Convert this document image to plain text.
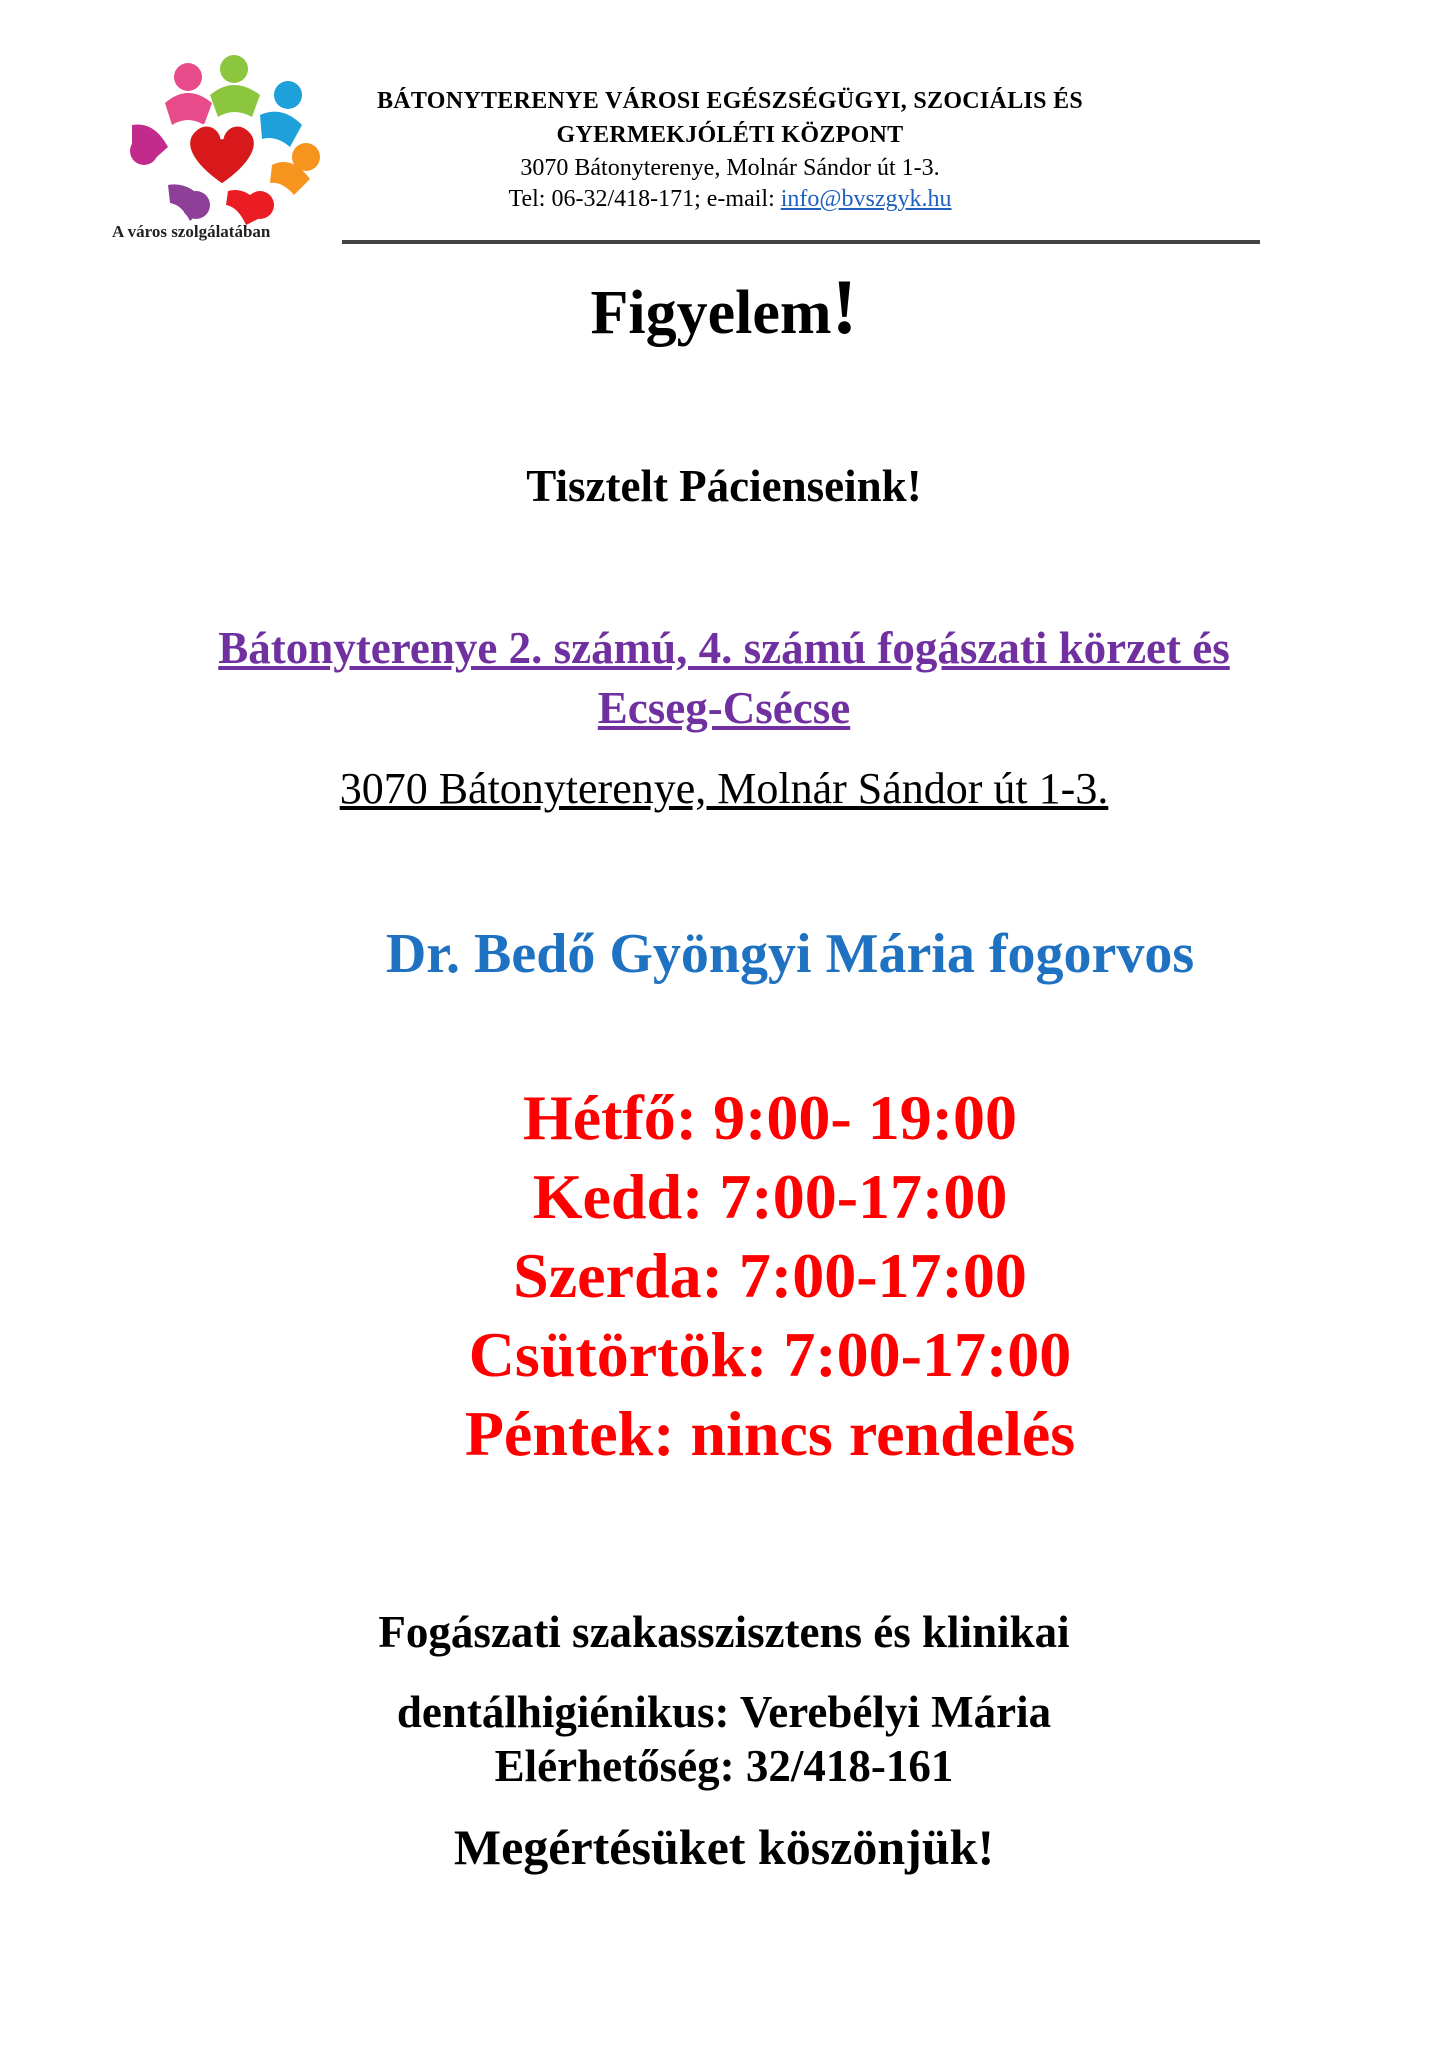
A város szolgálatában
BÁTONYTERENYE VÁROSI EGÉSZSÉGÜGYI, SZOCIÁLIS ÉS
GYERMEKJÓLÉTI KÖZPONT
3070 Bátonyterenye, Molnár Sándor út 1-3.
Tel: 06-32/418-171; e-mail: info@bvszgyk.hu
Figyelem!
Tisztelt Pácienseink!
Bátonyterenye 2. számú, 4. számú fogászati körzet és
Ecseg-Csécse
3070 Bátonyterenye, Molnár Sándor út 1-3.
Dr. Bedő Gyöngyi Mária fogorvos
Hétfő: 9:00- 19:00
Kedd: 7:00-17:00
Szerda: 7:00-17:00
Csütörtök: 7:00-17:00
Péntek: nincs rendelés
Fogászati szakasszisztens és klinikai
dentálhigiénikus: Verebélyi Mária
Elérhetőség: 32/418-161
Megértésüket köszönjük!
